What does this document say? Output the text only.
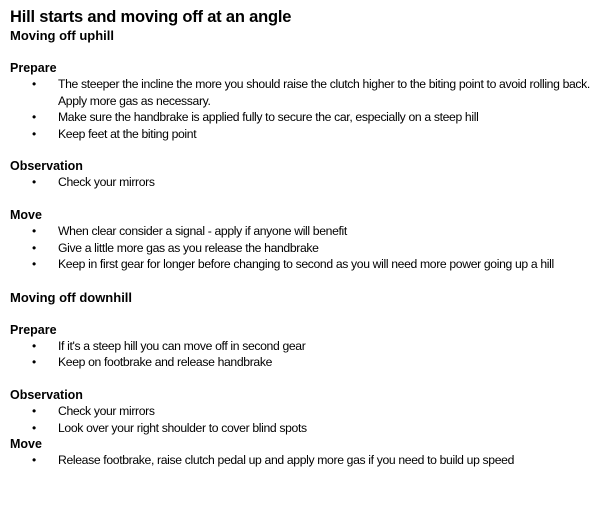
Hill starts and moving off at an angle
Moving off uphill
Prepare
• The steeper the incline the more you should raise the clutch higher to the biting point to avoid rolling back. Apply more gas as necessary.
• Make sure the handbrake is applied fully to secure the car, especially on a steep hill
• Keep feet at the biting point
Observation
• Check your mirrors
Move
• When clear consider a signal - apply if anyone will benefit
• Give a little more gas as you release the handbrake
• Keep in first gear for longer before changing to second as you will need more power going up a hill
Moving off downhill
Prepare
• If it's a steep hill you can move off in second gear
• Keep on footbrake and release handbrake
Observation
• Check your mirrors
• Look over your right shoulder to cover blind spots
Move
• Release footbrake, raise clutch pedal up and apply more gas if you need to build up speed
